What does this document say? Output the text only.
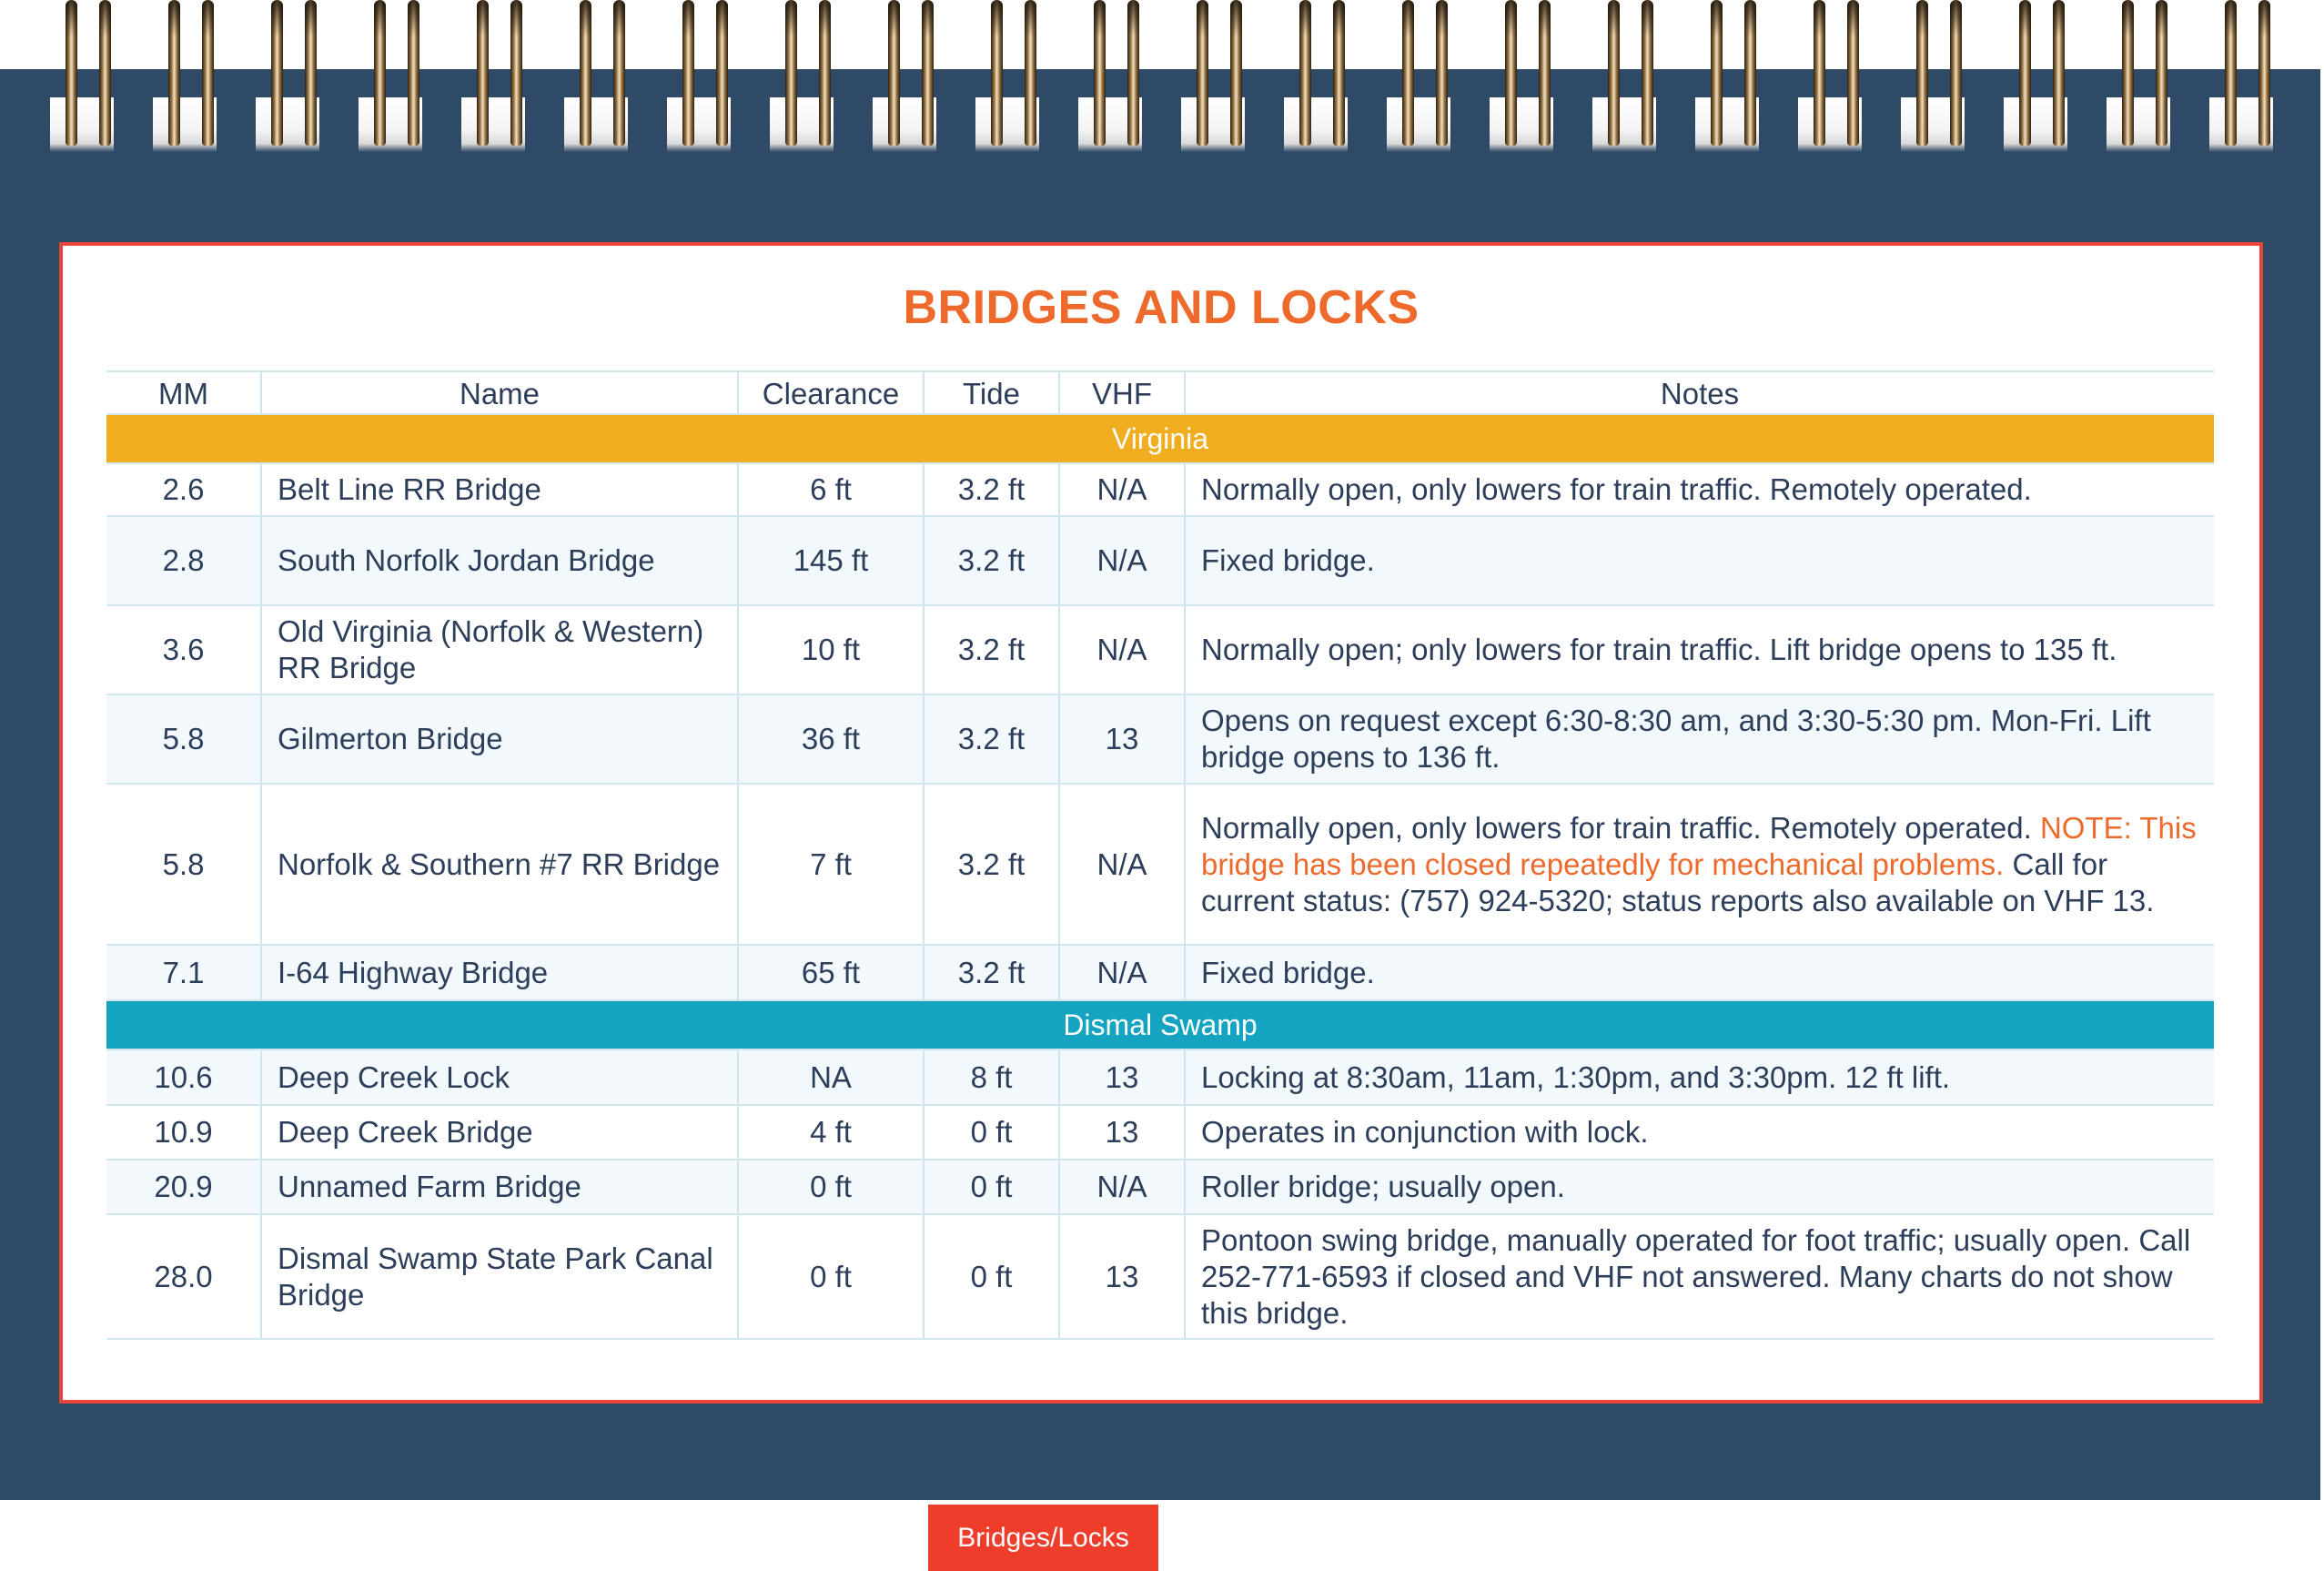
BRIDGES AND LOCKS
MM	Name	Clearance	Tide	VHF	Notes
Virginia					
2.6	Belt Line RR Bridge	6 ft	3.2 ft	N/A	Normally open, only lowers for train traffic. Remotely operated.
2.8	South Norfolk Jordan Bridge	145 ft	3.2 ft	N/A	Fixed bridge.
3.6	Old Virginia (Norfolk & Western) RR Bridge	10 ft	3.2 ft	N/A	Normally open; only lowers for train traffic. Lift bridge opens to 135 ft.
5.8	Gilmerton Bridge	36 ft	3.2 ft	13	Opens on request except 6:30-8:30 am, and 3:30-5:30 pm. Mon-Fri. Lift bridge opens to 136 ft.
5.8	Norfolk & Southern #7 RR Bridge	7 ft	3.2 ft	N/A	Normally open, only lowers for train traffic. Remotely operated. NOTE: This bridge has been closed repeatedly for mechanical problems. Call for current status: (757) 924-5320; status reports also available on VHF 13.
7.1	I-64 Highway Bridge	65 ft	3.2 ft	N/A	Fixed bridge.
Dismal Swamp					
10.6	Deep Creek Lock	NA	8 ft	13	Locking at 8:30am, 11am, 1:30pm, and 3:30pm. 12 ft lift.
10.9	Deep Creek Bridge	4 ft	0 ft	13	Operates in conjunction with lock.
20.9	Unnamed Farm Bridge	0 ft	0 ft	N/A	Roller bridge; usually open.
28.0	Dismal Swamp State Park Canal Bridge	0 ft	0 ft	13	Pontoon swing bridge, manually operated for foot traffic; usually open. Call 252-771-6593 if closed and VHF not answered. Many charts do not show this bridge.
Bridges/Locks
